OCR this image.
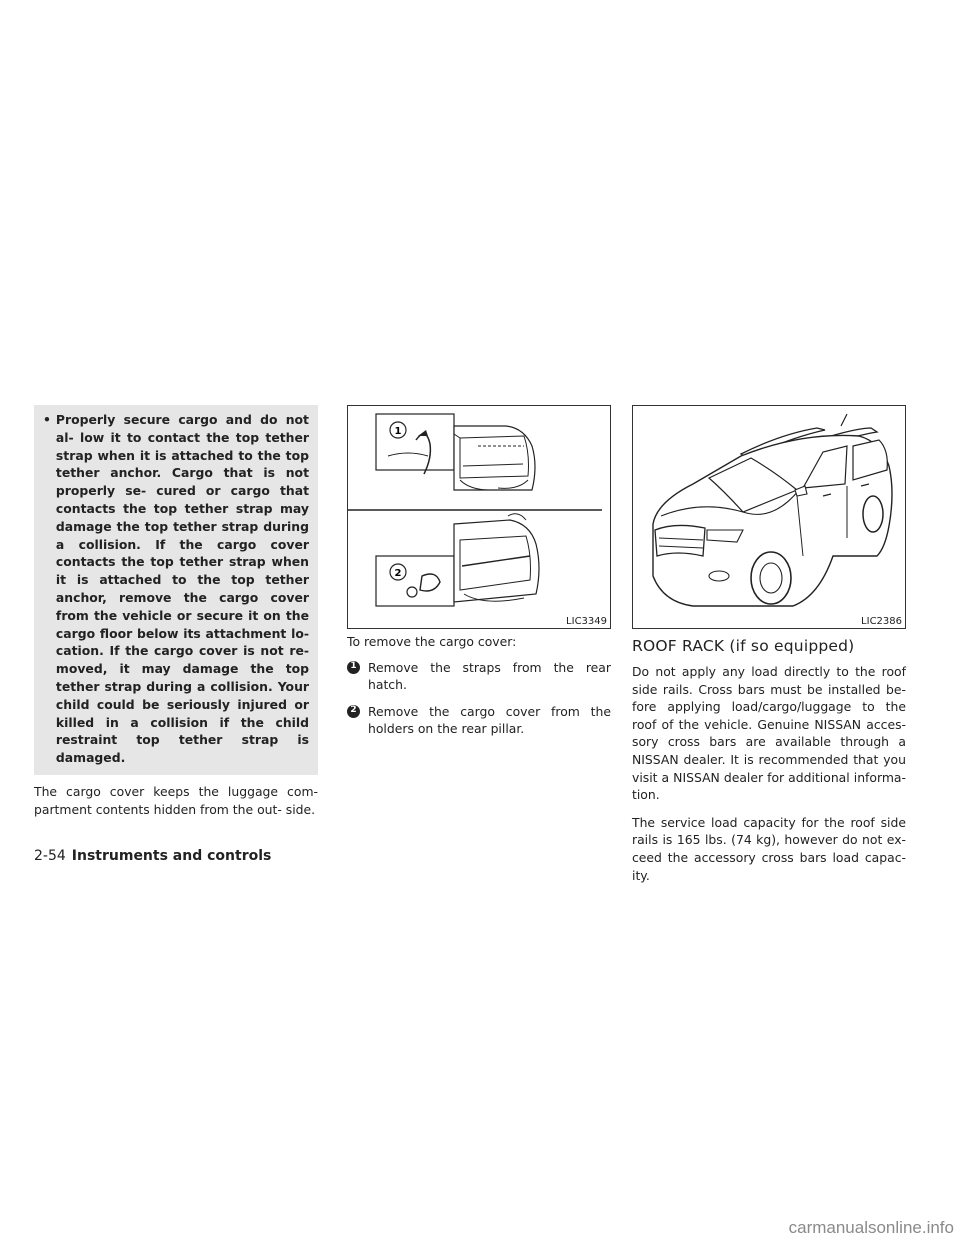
• Properly secure cargo and do not al- low it to contact the top tether strap when it is attached to the top tether anchor. Cargo that is not properly se- cured or cargo that contacts the top tether strap may damage the top tether strap during a collision. If the cargo cover contacts the top tether strap when it is attached to the top tether anchor, remove the cargo cover from the vehicle or secure it on the cargo floor below its attachment lo- cation. If the cargo cover is not re- moved, it may damage the top tether strap during a collision. Your child could be seriously injured or killed in a collision if the child restraint top tether strap is damaged.

The cargo cover keeps the luggage com- partment contents hidden from the out- side.

1
2
LIC3349

To remove the cargo cover:

1 Remove the straps from the rear hatch.
2 Remove the cargo cover from the holders on the rear pillar.
LIC2386
ROOF RACK (if so equipped)

Do not apply any load directly to the roof side rails. Cross bars must be installed be- fore applying load/cargo/luggage to the roof of the vehicle. Genuine NISSAN acces- sory cross bars are available through a NISSAN dealer. It is recommended that you visit a NISSAN dealer for additional informa- tion.

The service load capacity for the roof side rails is 165 lbs. (74 kg), however do not ex- ceed the accessory cross bars load capac- ity.

2-54 Instruments and controls
carmanualsonline.info
